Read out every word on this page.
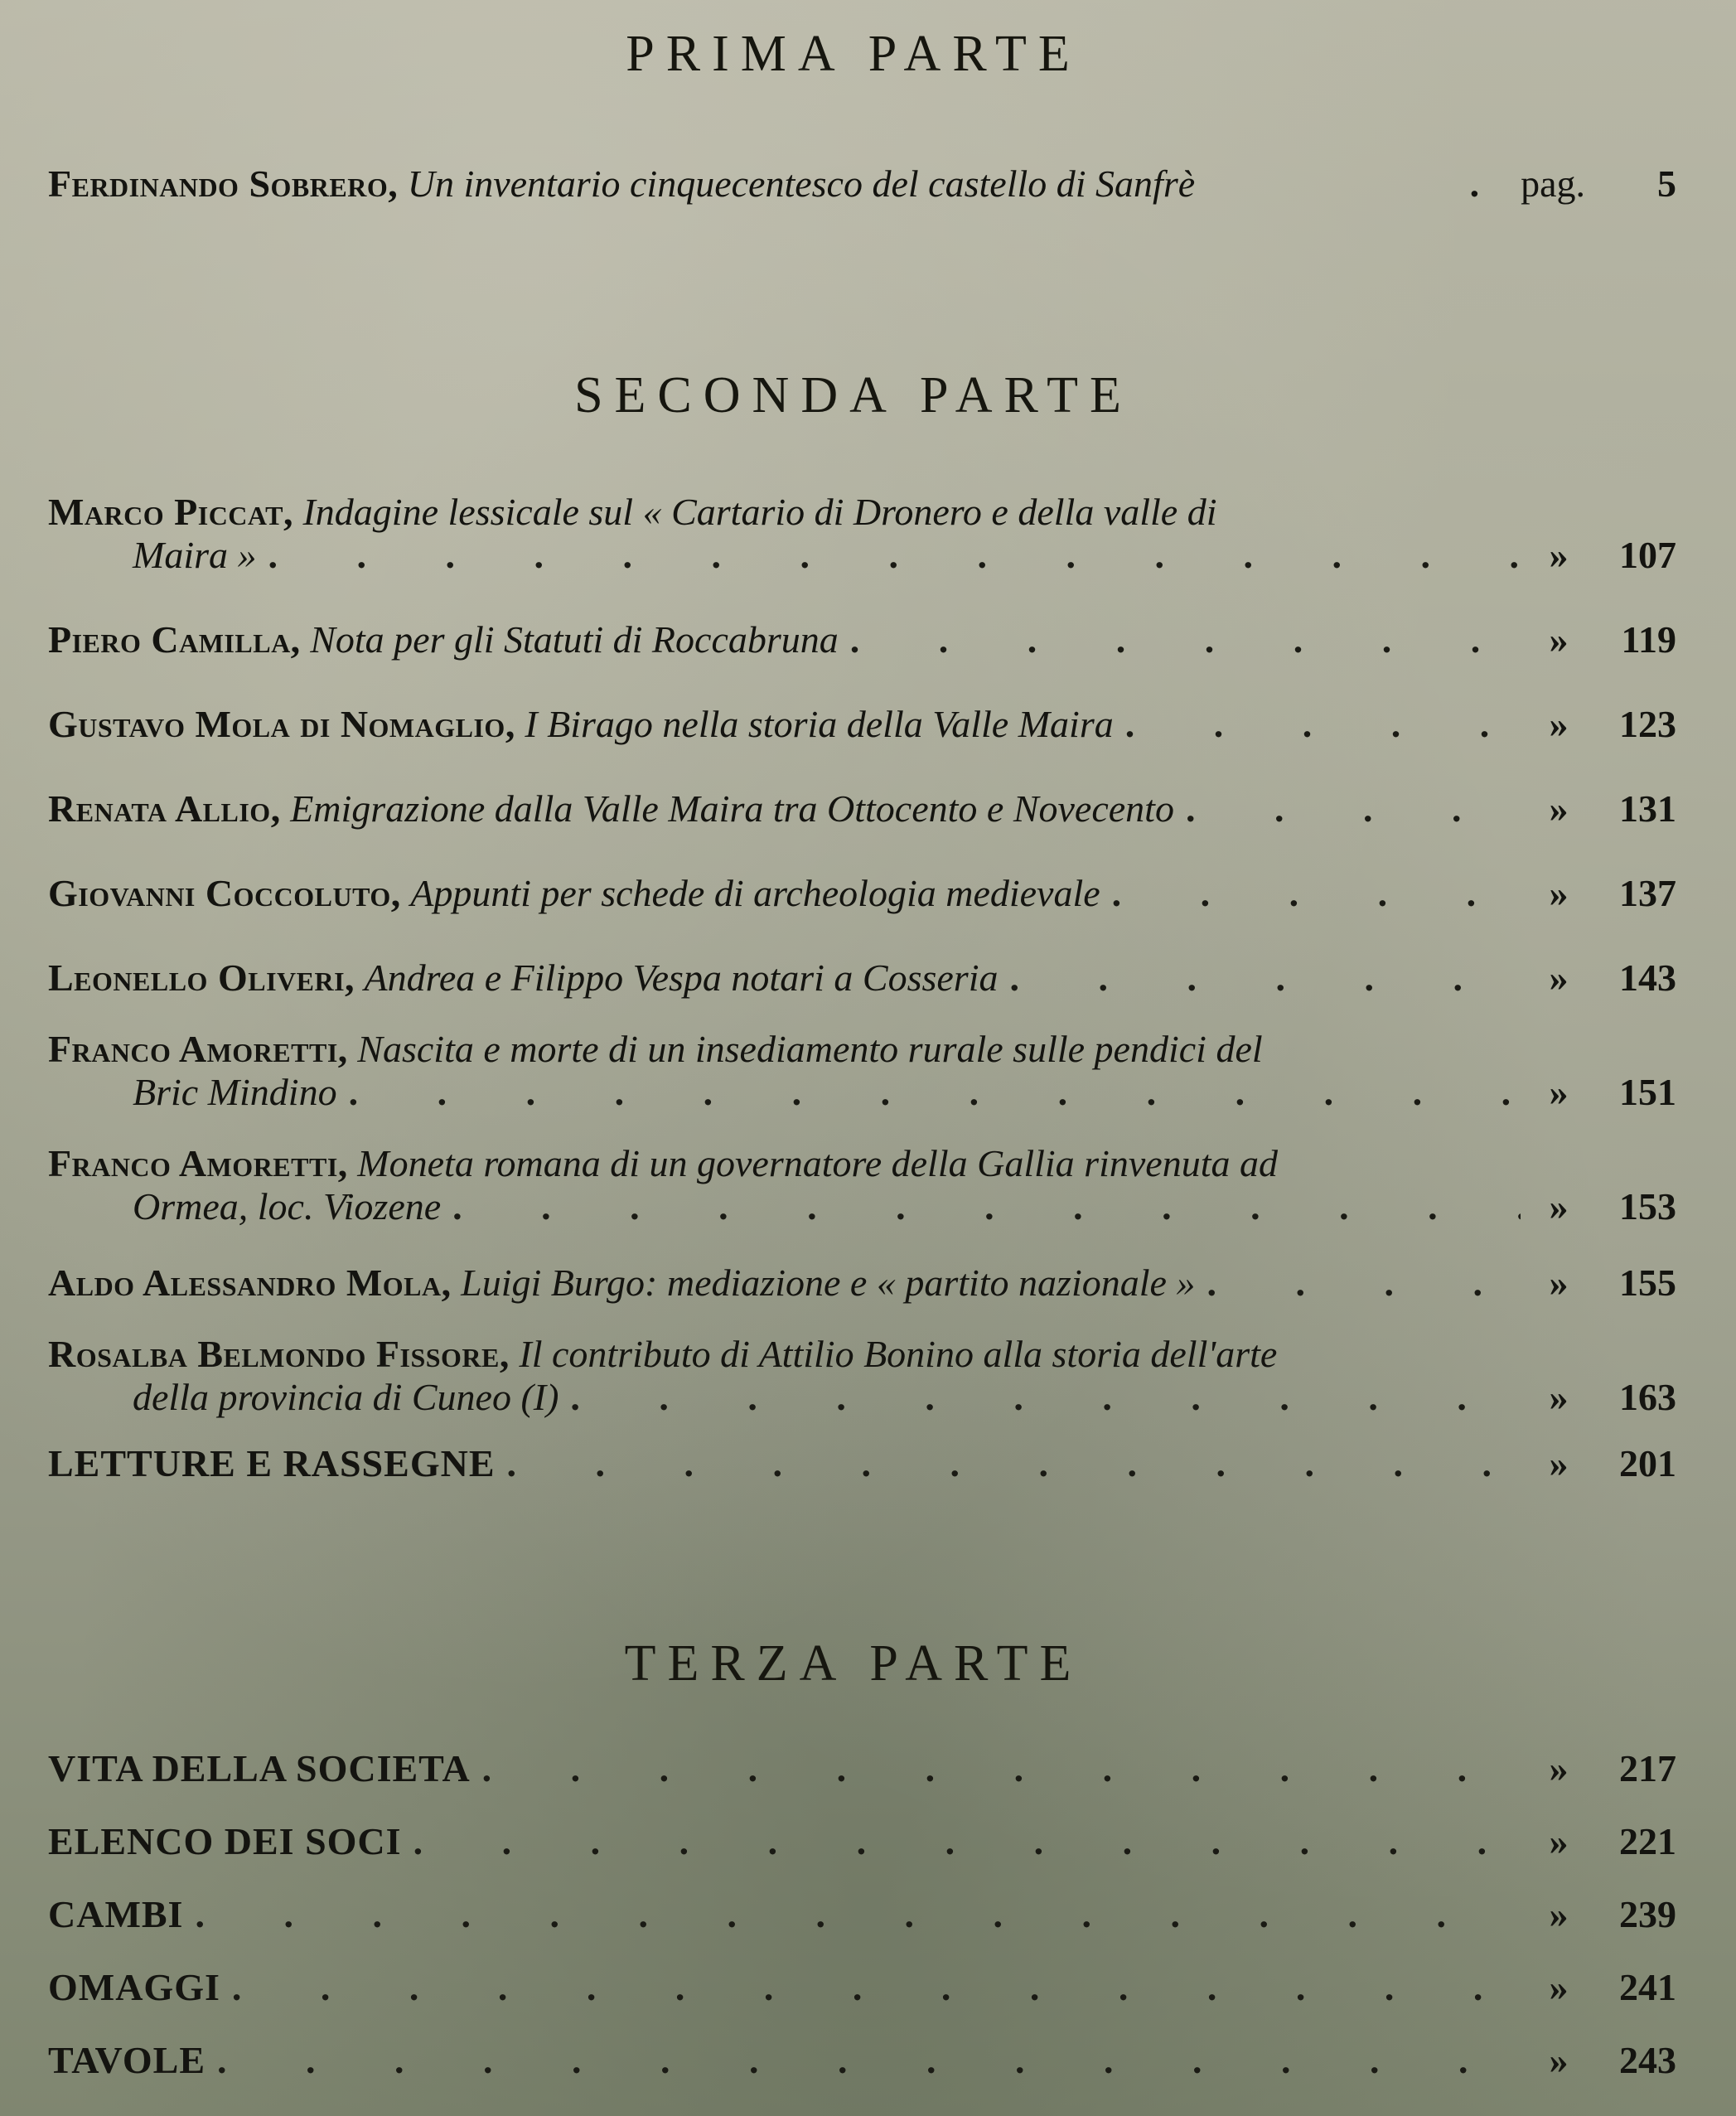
PRIMA PARTE
Ferdinando Sobrero,
Un inventario cinquecentesco del castello di Sanfrè	. pag.	5
SECONDA PARTE
Marco Piccat,
Indagine lessicale sul « Cartario di Dronero e della valle di
Maira » . . .	»	107
Piero Camilla,
Nota per gli Statuti di Roccabruna . . .	»	119
Gustavo Mola di Nomaglio,
I Birago nella storia della Valle Maira . . .	»	123
Renata Allio,
Emigrazione dalla Valle Maira tra Ottocento e Novecento . . .	»	131
Giovanni Coccoluto,
Appunti per schede di archeologia medievale . . .	»	137
Leonello Oliveri,
Andrea e Filippo Vespa notari a Cosseria . . .	»	143
Franco Amoretti,
Nascita e morte di un insediamento rurale sulle pendici del
Bric Mindino . . .	»	151
Franco Amoretti,
Moneta romana di un governatore della Gallia rinvenuta ad
Ormea, loc. Viozene . . .	»	153
Aldo Alessandro Mola,
Luigi Burgo: mediazione e « partito nazionale » . . .	»	155
Rosalba Belmondo Fissore,
Il contributo di Attilio Bonino alla storia dell'arte
della provincia di Cuneo (I) . . .	»	163
LETTURE E RASSEGNE . . .	»	201
TERZA PARTE
VITA DELLA SOCIETA . . .	»	217
ELENCO DEI SOCI . . .	»	221
CAMBI . . .	»	239
OMAGGI . . .	»	241
TAVOLE . . .	»	243
